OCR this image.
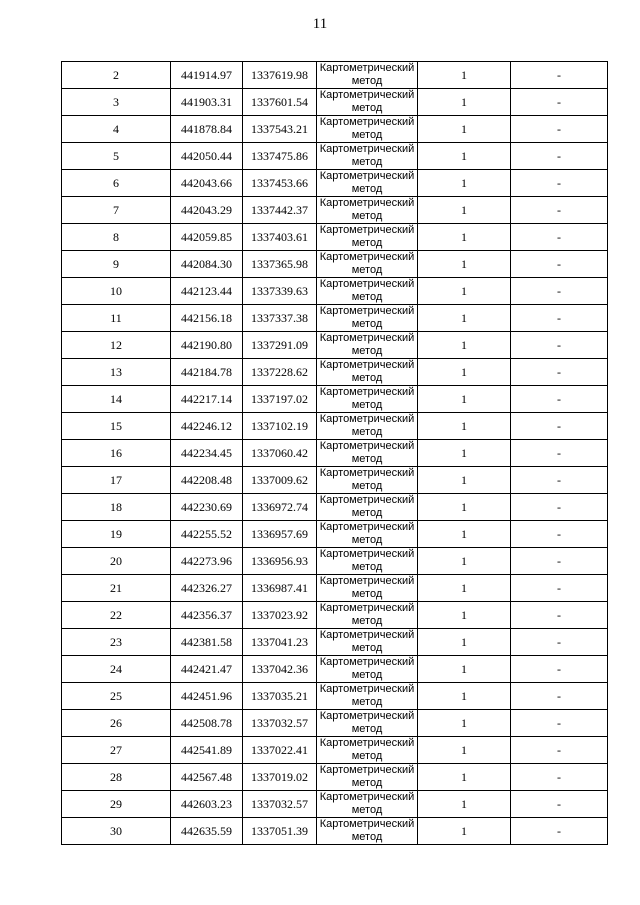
11
2	441914.97	1337619.98	Картометрический метод	1	-
3	441903.31	1337601.54	Картометрический метод	1	-
4	441878.84	1337543.21	Картометрический метод	1	-
5	442050.44	1337475.86	Картометрический метод	1	-
6	442043.66	1337453.66	Картометрический метод	1	-
7	442043.29	1337442.37	Картометрический метод	1	-
8	442059.85	1337403.61	Картометрический метод	1	-
9	442084.30	1337365.98	Картометрический метод	1	-
10	442123.44	1337339.63	Картометрический метод	1	-
11	442156.18	1337337.38	Картометрический метод	1	-
12	442190.80	1337291.09	Картометрический метод	1	-
13	442184.78	1337228.62	Картометрический метод	1	-
14	442217.14	1337197.02	Картометрический метод	1	-
15	442246.12	1337102.19	Картометрический метод	1	-
16	442234.45	1337060.42	Картометрический метод	1	-
17	442208.48	1337009.62	Картометрический метод	1	-
18	442230.69	1336972.74	Картометрический метод	1	-
19	442255.52	1336957.69	Картометрический метод	1	-
20	442273.96	1336956.93	Картометрический метод	1	-
21	442326.27	1336987.41	Картометрический метод	1	-
22	442356.37	1337023.92	Картометрический метод	1	-
23	442381.58	1337041.23	Картометрический метод	1	-
24	442421.47	1337042.36	Картометрический метод	1	-
25	442451.96	1337035.21	Картометрический метод	1	-
26	442508.78	1337032.57	Картометрический метод	1	-
27	442541.89	1337022.41	Картометрический метод	1	-
28	442567.48	1337019.02	Картометрический метод	1	-
29	442603.23	1337032.57	Картометрический метод	1	-
30	442635.59	1337051.39	Картометрический метод	1	-
